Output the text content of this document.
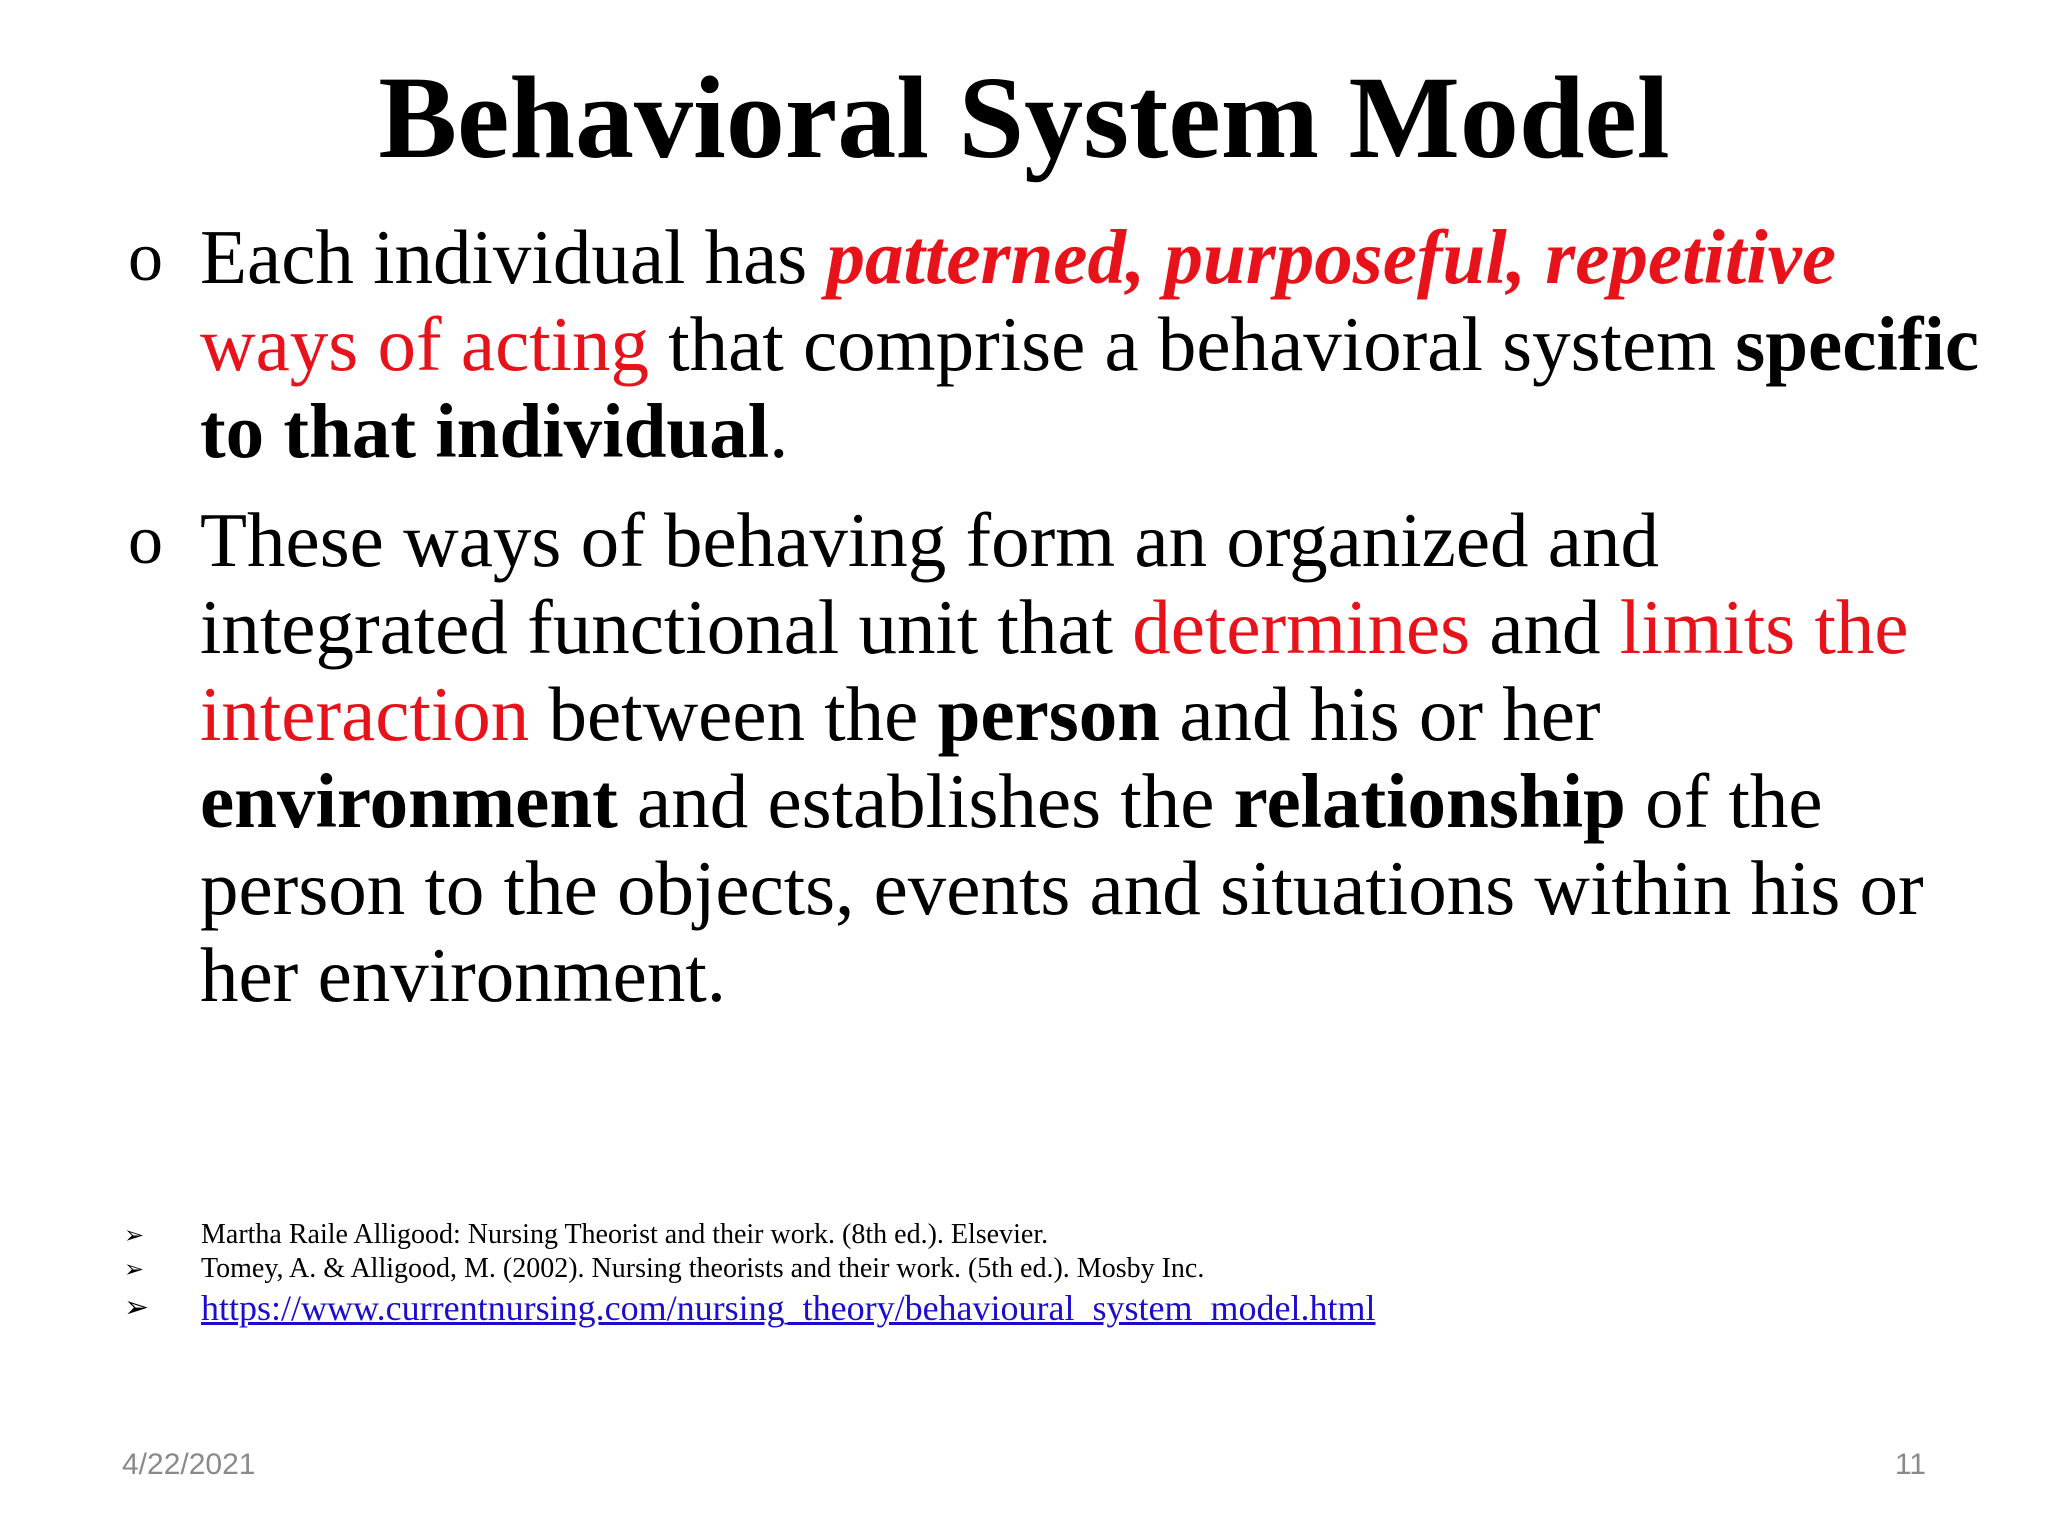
Behavioral System Model
o Each individual has patterned, purposeful, repetitive ways of acting that comprise a behavioral system specific to that individual.
o These ways of behaving form an organized and integrated functional unit that determines and limits the interaction between the person and his or her environment and establishes the relationship of the person to the objects, events and situations within his or her environment.
➢ Martha Raile Alligood: Nursing Theorist and their work. (8th ed.). Elsevier.
➢ Tomey, A. & Alligood, M. (2002). Nursing theorists and their work. (5th ed.). Mosby Inc.
➢ https://www.currentnursing.com/nursing_theory/behavioural_system_model.html
4/22/2021	11
